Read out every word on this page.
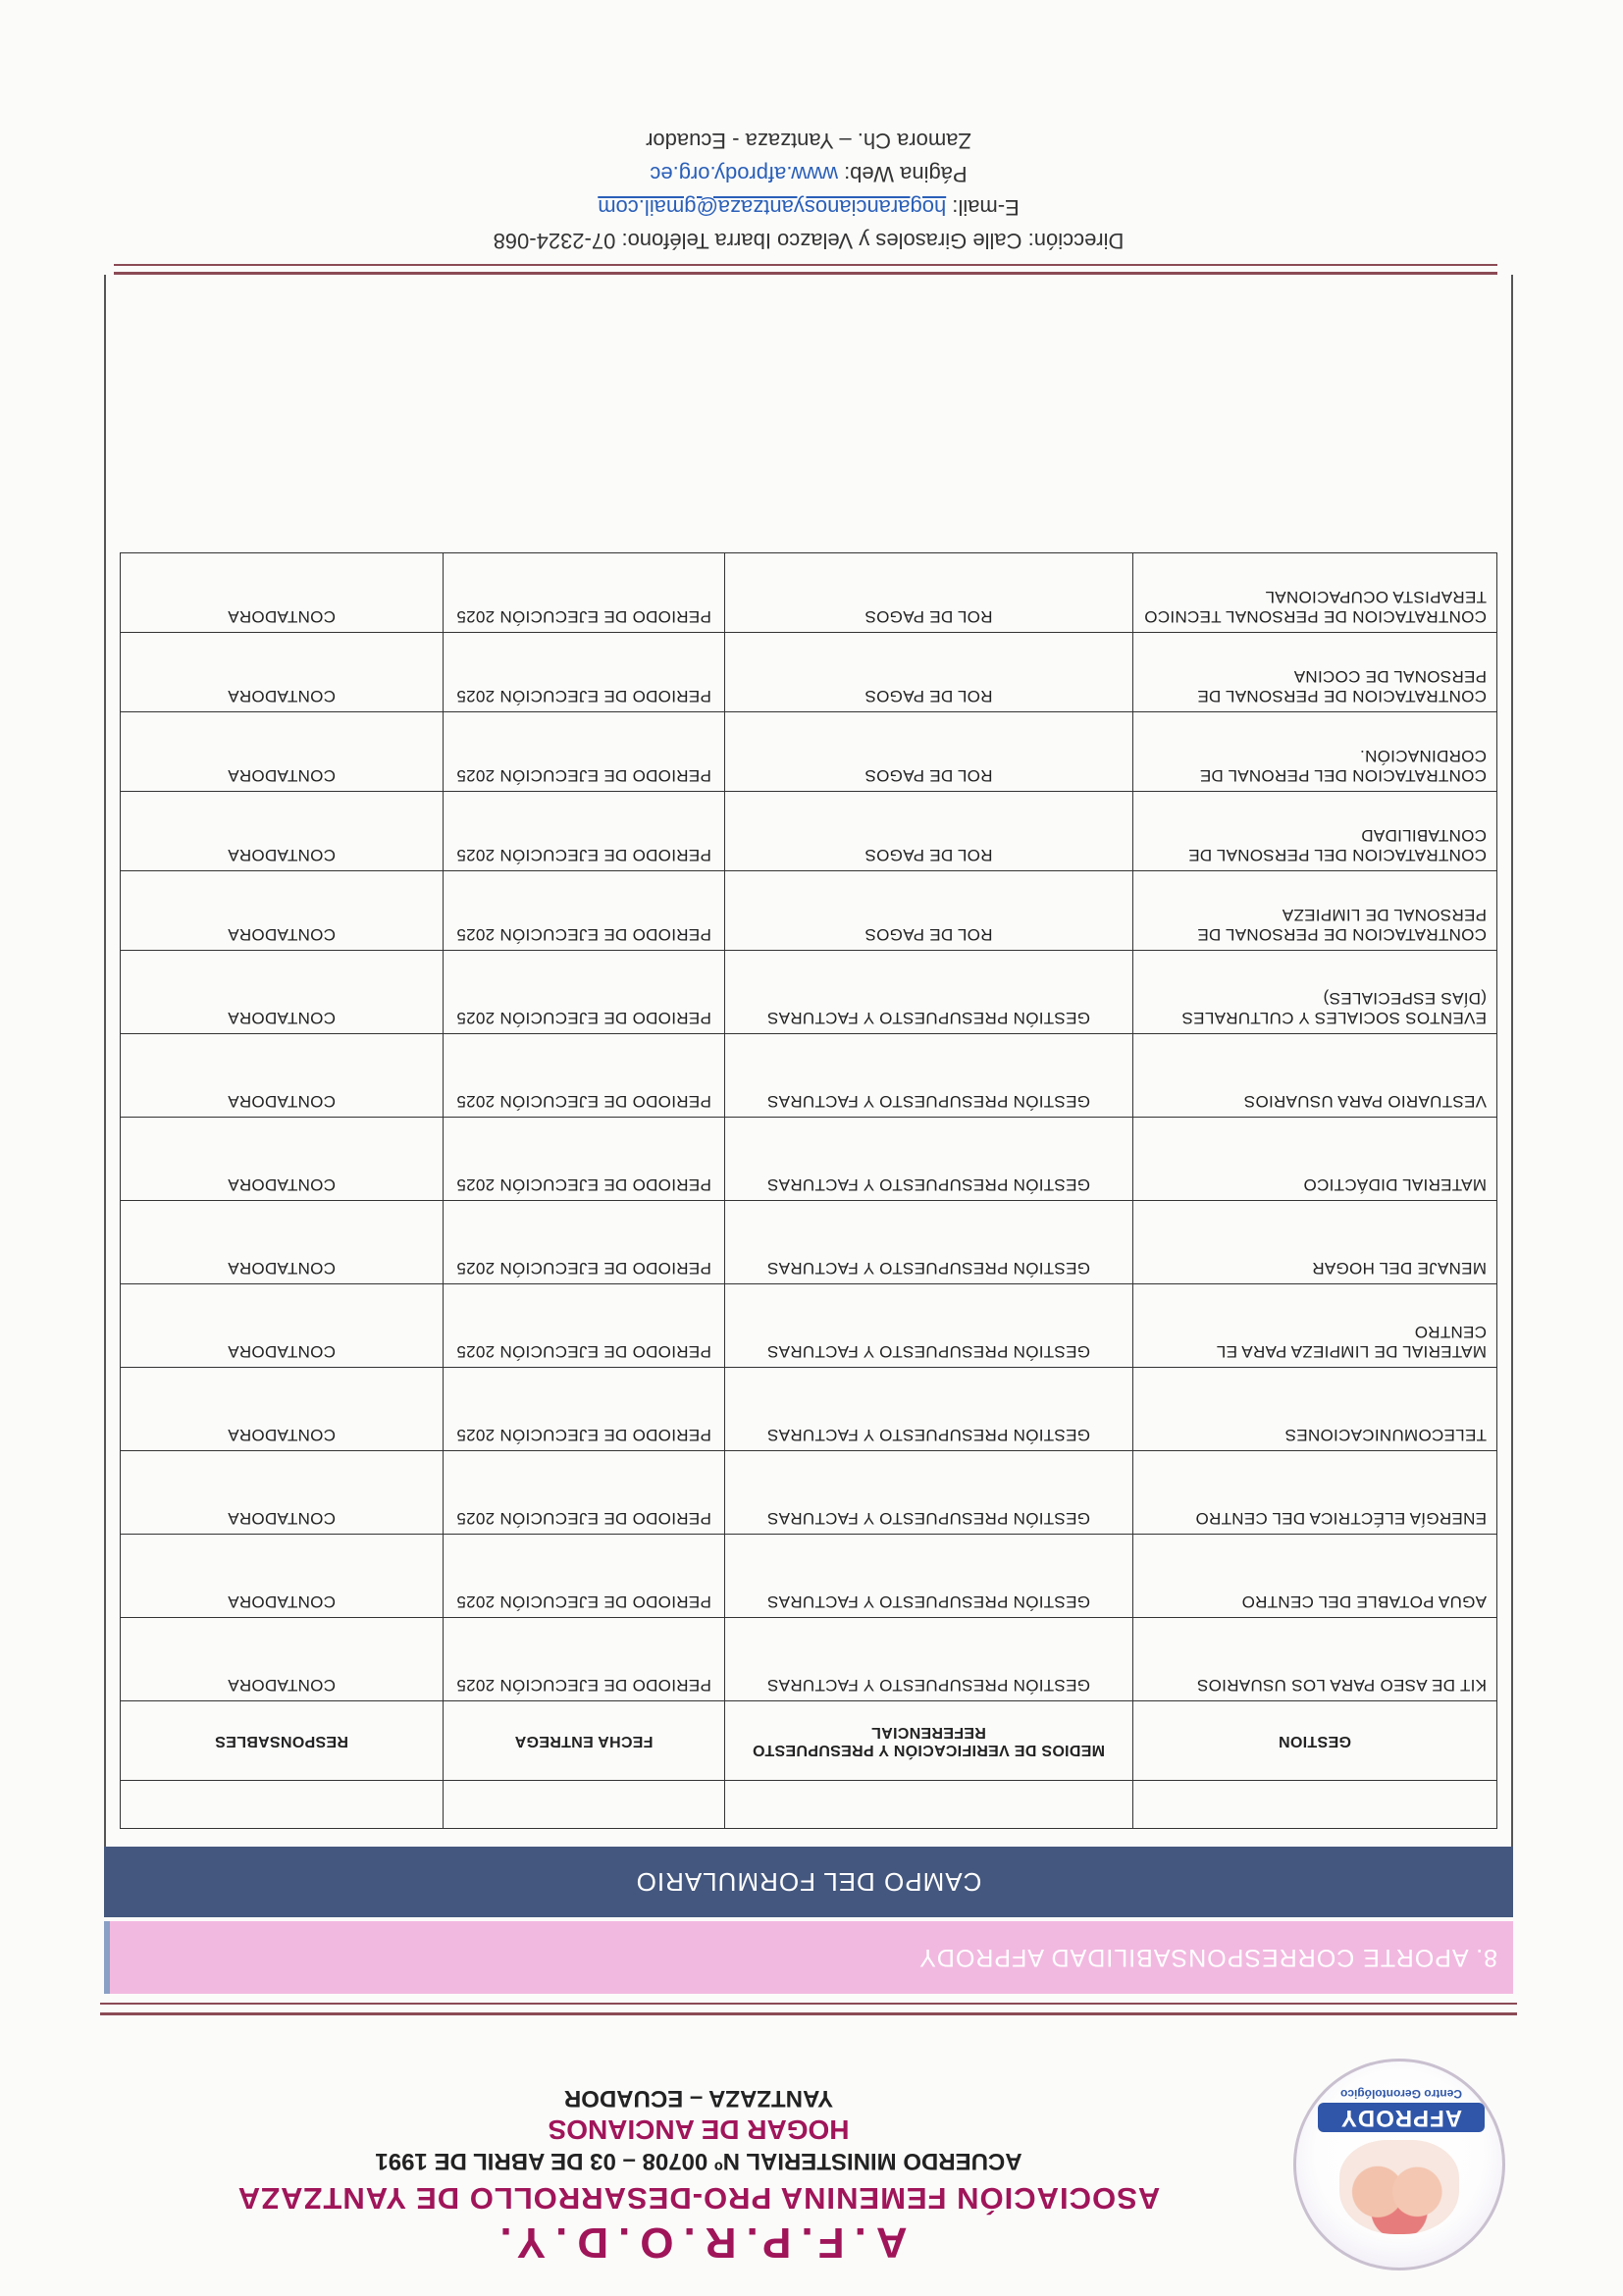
AFPRODY
Centro Gerontológico
A.F.P.R.O.D.Y.
ASOCIACIÓN FEMENINA PRO-DESARROLLO DE YANTZAZA
ACUERDO MINISTERIAL Nº 00708 – 03 DE ABRIL DE 1991
HOGAR DE ANCIANOS
YANTZAZA – ECUADOR
8. APORTE CORRESPONSABILIDAD AFPRODY
CAMPO DEL FORMULARIO

GESTION	MEDIOS DE VERIFICACIÓN Y PRESUPUESTO REFERENCIAL	FECHA ENTREGA	RESPONSABLES
KIT DE ASEO PARA LOS USUARIOS	GESTIÓN PRESUPUESTO Y FACTURAS	PERIODO DE EJECUCIÓN 2025	CONTADORA
AGUA POTABLE DEL CENTRO	GESTIÓN PRESUPUESTO Y FACTURAS	PERIODO DE EJECUCIÓN 2025	CONTADORA
ENERGÍA ELÉCTRICA DEL CENTRO	GESTIÓN PRESUPUESTO Y FACTURAS	PERIODO DE EJECUCIÓN 2025	CONTADORA
TELECOMUNICACIONES	GESTIÓN PRESUPUESTO Y FACTURAS	PERIODO DE EJECUCIÓN 2025	CONTADORA
MATERIAL DE LIMPIEZA PARA EL CENTRO	GESTIÓN PRESUPUESTO Y FACTURAS	PERIODO DE EJECUCIÓN 2025	CONTADORA
MENAJE DEL HOGAR	GESTIÓN PRESUPUESTO Y FACTURAS	PERIODO DE EJECUCIÓN 2025	CONTADORA
MATERIAL DIDÁCTICO	GESTIÓN PRESUPUESTO Y FACTURAS	PERIODO DE EJECUCIÓN 2025	CONTADORA
VESTUARIO PARA USUARIOS	GESTIÓN PRESUPUESTO Y FACTURAS	PERIODO DE EJECUCIÓN 2025	CONTADORA
EVENTOS SOCIALES Y CULTURALES (DÍAS ESPECIALES)	GESTIÓN PRESUPUESTO Y FACTURAS	PERIODO DE EJECUCIÓN 2025	CONTADORA
CONTRATACION DE PERSONAL DE PERSONAL DE LIMPIEZA	ROL DE PAGOS	PERIODO DE EJECUCIÓN 2025	CONTADORA
CONTRATACION DEL PERSONAL DE CONTABILIDAD	ROL DE PAGOS	PERIODO DE EJECUCIÓN 2025	CONTADORA
CONTRATACION DEL PERONAL DE CORDINACIÓN.	ROL DE PAGOS	PERIODO DE EJECUCIÓN 2025	CONTADORA
CONTRATACION DE PERSONAL DE PERSONAL DE COCINA	ROL DE PAGOS	PERIODO DE EJECUCIÓN 2025	CONTADORA
CONTRATACION DE PERSONAL TECNICO TERAPISTA OCUPACIONAL	ROL DE PAGOS	PERIODO DE EJECUCIÓN 2025	CONTADORA
Dirección: Calle Girasoles y Velazco Ibarra Teléfono: 07-2324-068
E-mail: hogarancianosyantzaza@gmail.com
Página Web: www.afprody.org.ec
Zamora Ch. – Yantzaza - Ecuador
